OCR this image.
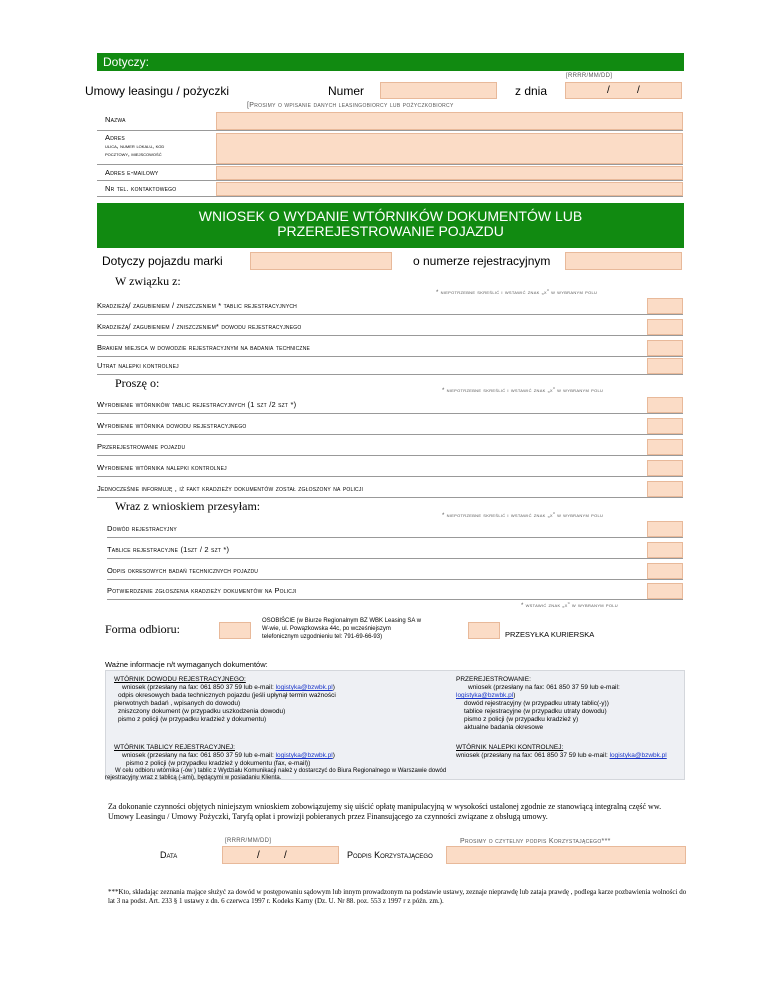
Dotyczy:
[RRRR/MM/DD]
Umowy leasingu / pożyczki	Numer	z dnia	/	/
[Prosimy o wpisanie danych leasingobiorcy lub pożyczkobiorcy
Nazwa
Adres
ulica, numer lokalu, kod
pocztowy, miejscowość
Adres e-mailowy
Nr tel. kontaktowego
WNIOSEK O WYDANIE WTÓRNIKÓW DOKUMENTÓW LUB
PRZEREJESTROWANIE POJAZDU
Dotyczy pojazdu marki	o numerze rejestracyjnym
W związku z:
* niepotrzebne skreślić i wstawić znak „x” w wybranym polu
Kradzieżą/ zagubieniem / zniszczeniem * tablic rejestracyjnych
Kradzieżą/ zagubieniem / zniszczeniem* dowodu rejestracyjnego
Brakiem miejsca w dowodzie rejestracyjnym na badania techniczne
Utrat nalepki kontrolnej
Proszę o:
* niepotrzebne skreślić i wstawić znak „x” w wybranym polu
Wyrobienie wtórników tablic rejestracyjnych (1 szt /2 szt *)
Wyrobienie wtórnika dowodu rejestracyjnego
Przerejestrowanie pojazdu
Wyrobienie wtórnika nalepki kontrolnej
Jednocześnie informuję , iż fakt kradzieży dokumentów został zgłoszony na policji
Wraz z wnioskiem przesyłam:
* niepotrzebne skreślić i wstawić znak „x” w wybranym polu
Dowód rejestracyjny
Tablice rejestracyjne (1szt / 2 szt *)
Odpis okresowych badań technicznych pojazdu
Potwierdzenie zgłoszenia kradzieży dokumentów na Policji
* wstawić znak „x” w wybranym polu
Forma odbioru:
OSOBIŚCIE (w Biurze Regionalnym BZ WBK Leasing SA w
W-wie, ul. Powązkowska 44c, po wcześniejszym
telefonicznym uzgodnieniu tel: 791-69-66-93)	PRZESYŁKA KURIERSKA
Ważne informacje n/t wymaganych dokumentów:
WTÓRNIK DOWODU REJESTRACYJNEGO:
wniosek (przesłany na fax: 061 850 37 59 lub e-mail: logistyka@bzwbk.pl)
odpis okresowych bada technicznych pojazdu (jeśli upłynął termin ważności
pierwotnych badań , wpisanych do dowodu)
zniszczony dokument (w przypadku uszkodzenia dowodu)
pismo z policji (w przypadku kradzież y dokumentu)
PRZEREJESTROWANIE:
wniosek (przesłany na fax: 061 850 37 59 lub e-mail:
logistyka@bzwbk.pl)
dowód rejestracyjny (w przypadku utraty tablic(-y))
tablice rejestracyjne (w przypadku utraty dowodu)
pismo z policji (w przypadku kradzież y)
aktualne badania okresowe
WTÓRNIK TABLICY REJESTRACYJNEJ:
wniosek (przesłany na fax: 061 850 37 59 lub e-mail: logistyka@bzwbk.pl)
pismo z policji (w przypadku kradzież y dokumentu (fax, e-mail))
WTÓRNIK NALEPKI KONTROLNEJ:
wniosek (przesłany na fax: 061 850 37 59 lub e-mail: logistyka@bzwbk.pl
W celu odbioru wtórnika (-ów ) tablic z Wydziału Komunikacji należ y dostarczyć do Biura Regionalnego w Warszawie dowód
rejestracyjny wraz z tablicą (-ami), będącymi w posiadaniu Klienta.
Za dokonanie czynności objętych niniejszym wnioskiem zobowiązujemy się uiścić opłatę manipulacyjną w wysokości ustalonej zgodnie ze stanowiącą integralną część ww. Umowy Leasingu / Umowy Pożyczki, Taryfą opłat i prowizji pobieranych przez Finansującego za czynności związane z obsługą umowy.
[RRRR/MM/DD]	Prosimy o czytelny podpis Korzystającego***
Data	/ /	Podpis Korzystającego
***Kto, składając zeznania mające służyć za dowód w postępowaniu sądowym lub innym prowadzonym na podstawie ustawy, zeznaje nieprawdę lub zataja prawdę , podlega karze pozbawienia wolności do lat 3 na podst. Art. 233 § 1 ustawy z dn. 6 czerwca 1997 r. Kodeks Karny (Dz. U. Nr 88. poz. 553 z 1997 r z późn. zm.).
